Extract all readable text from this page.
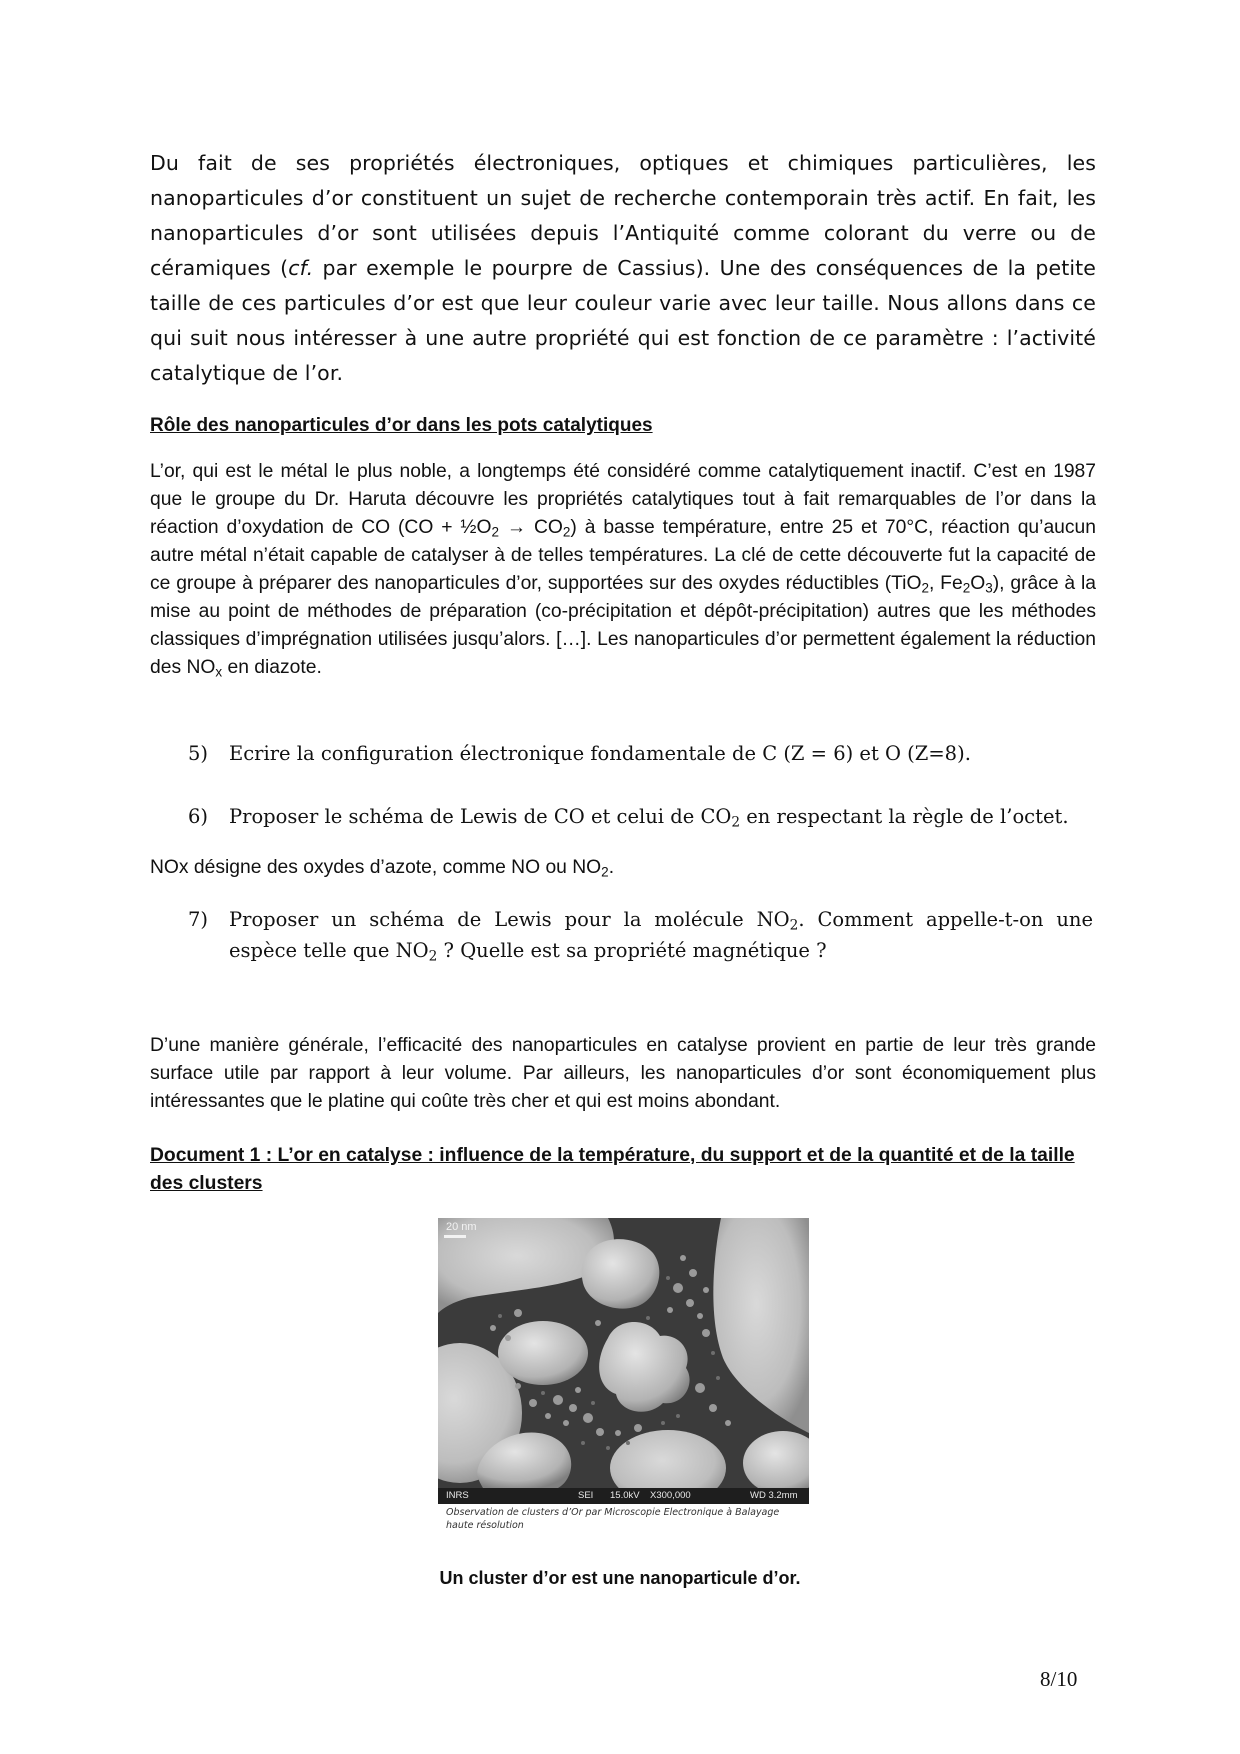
Du fait de ses propriétés électroniques, optiques et chimiques particulières, les nanoparticules d’or constituent un sujet de recherche contemporain très actif. En fait, les nanoparticules d’or sont utilisées depuis l’Antiquité comme colorant du verre ou de céramiques (cf. par exemple le pourpre de Cassius). Une des conséquences de la petite taille de ces particules d’or est que leur couleur varie avec leur taille. Nous allons dans ce qui suit nous intéresser à une autre propriété qui est fonction de ce paramètre : l’activité catalytique de l’or.

Rôle des nanoparticules d’or dans les pots catalytiques

L’or, qui est le métal le plus noble, a longtemps été considéré comme catalytiquement inactif. C’est en 1987 que le groupe du Dr. Haruta découvre les propriétés catalytiques tout à fait remarquables de l’or dans la réaction d’oxydation de CO $(CO + \frac{1}{2}O_2 \to CO_2)$ à basse température, entre 25 et 70°C, réaction qu’aucun autre métal n’était capable de catalyser à de telles températures. La clé de cette découverte fut la capacité de ce groupe à préparer des nanoparticules d’or, supportées sur des oxydes réductibles (TiO$_2$, $Fe_2O_3$), grâce à la mise au point de méthodes de préparation (co-précipitation et dépôt-précipitation) autres que les méthodes classiques d’imprégnation utilisées jusqu’alors. […]. Les nanoparticules d’or permettent également la réduction des $NO_x$ en diazote.

5) Ecrire la configuration électronique fondamentale de C (Z = 6) et O (Z=8).
6) Proposer le schéma de Lewis de CO et celui de $CO_2$ en respectant la règle de l’octet.
NOx désigne des oxydes d’azote, comme NO ou $NO_2$.
7) Proposer un schéma de Lewis pour la molécule $NO_2$. Comment appelle-t-on une espèce telle que $NO_2$ ? Quelle est sa propriété magnétique ?

D’une manière générale, l’efficacité des nanoparticules en catalyse provient en partie de leur très grande surface utile par rapport à leur volume. Par ailleurs, les nanoparticules d’or sont économiquement plus intéressantes que le platine qui coûte très cher et qui est moins abondant.

Document 1 : L’or en catalyse : influence de la température, du support et de la quantité et de la taille des clusters
20 nm
INRS	SEI 15.0kV X300,000	WD 3.2mm
Observation de clusters d’Or par Microscopie Electronique à Balayage haute résolution
Un cluster d’or est une nanoparticule d’or.
8/10
